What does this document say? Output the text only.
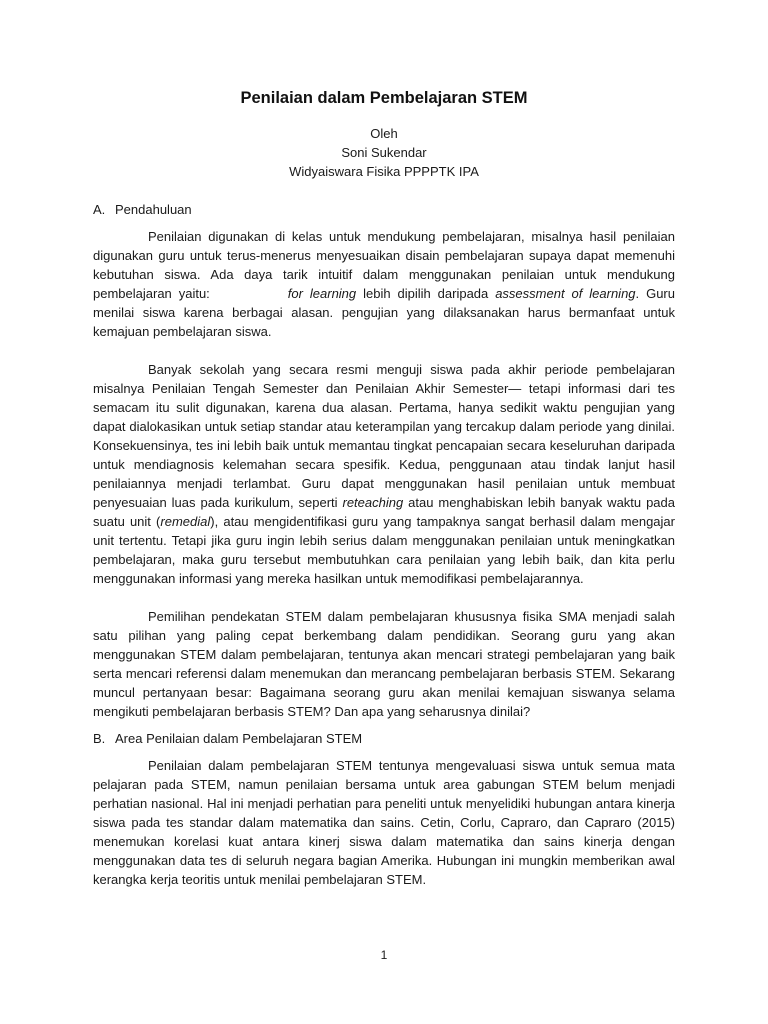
Penilaian dalam Pembelajaran STEM
Oleh
Soni Sukendar
Widyaiswara Fisika PPPPTK IPA
A. Pendahuluan

Penilaian digunakan di kelas untuk mendukung pembelajaran, misalnya hasil penilaian digunakan guru untuk terus-menerus menyesuaikan disain pembelajaran supaya dapat memenuhi kebutuhan siswa. Ada daya tarik intuitif dalam menggunakan penilaian untuk mendukung pembelajaran yaitu:	for learning lebih dipilih daripada assessment of learning. Guru menilai siswa karena berbagai alasan. pengujian yang dilaksanakan harus bermanfaat untuk kemajuan pembelajaran siswa.

Banyak sekolah yang secara resmi menguji siswa pada akhir periode pembelajaran misalnya Penilaian Tengah Semester dan Penilaian Akhir Semester— tetapi informasi dari tes semacam itu sulit digunakan, karena dua alasan. Pertama, hanya sedikit waktu pengujian yang dapat dialokasikan untuk setiap standar atau keterampilan yang tercakup dalam periode yang dinilai. Konsekuensinya, tes ini lebih baik untuk memantau tingkat pencapaian secara keseluruhan daripada untuk mendiagnosis kelemahan secara spesifik. Kedua, penggunaan atau tindak lanjut hasil penilaiannya menjadi terlambat. Guru dapat menggunakan hasil penilaian untuk membuat penyesuaian luas pada kurikulum, seperti reteaching atau menghabiskan lebih banyak waktu pada suatu unit (remedial), atau mengidentifikasi guru yang tampaknya sangat berhasil dalam mengajar unit tertentu. Tetapi jika guru ingin lebih serius dalam menggunakan penilaian untuk meningkatkan pembelajaran, maka guru tersebut membutuhkan cara penilaian yang lebih baik, dan kita perlu menggunakan informasi yang mereka hasilkan untuk memodifikasi pembelajarannya.

Pemilihan pendekatan STEM dalam pembelajaran khususnya fisika SMA menjadi salah satu pilihan yang paling cepat berkembang dalam pendidikan. Seorang guru yang akan menggunakan STEM dalam pembelajaran, tentunya akan mencari strategi pembelajaran yang baik serta mencari referensi dalam menemukan dan merancang pembelajaran berbasis STEM. Sekarang muncul pertanyaan besar: Bagaimana seorang guru akan menilai kemajuan siswanya selama mengikuti pembelajaran berbasis STEM? Dan apa yang seharusnya dinilai?

B. Area Penilaian dalam Pembelajaran STEM

Penilaian dalam pembelajaran STEM tentunya mengevaluasi siswa untuk semua mata pelajaran pada STEM, namun penilaian bersama untuk area gabungan STEM belum menjadi perhatian nasional. Hal ini menjadi perhatian para peneliti untuk menyelidiki hubungan antara kinerja siswa pada tes standar dalam matematika dan sains. Cetin, Corlu, Capraro, dan Capraro (2015) menemukan korelasi kuat antara kinerj siswa dalam matematika dan sains kinerja dengan menggunakan data tes di seluruh negara bagian Amerika. Hubungan ini mungkin memberikan awal kerangka kerja teoritis untuk menilai pembelajaran STEM.

1
